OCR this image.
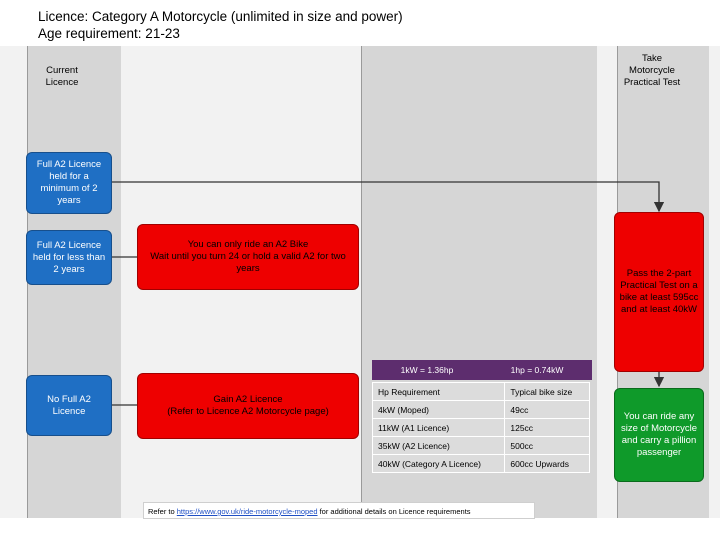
Licence: Category A Motorcycle (unlimited in size and power)
Age requirement: 21-23
Current Licence
Take Motorcycle Practical Test
Full A2 Licence held for a minimum of 2 years
Full A2 Licence held for less than 2 years
No Full A2 Licence
You can only ride an A2 Bike
Wait until you turn 24 or hold a valid A2 for two years
Gain A2 Licence
(Refer to Licence A2 Motorcycle page)
Pass the 2-part Practical Test on a bike at least 595cc and at least 40kW
You can ride any size of Motorcycle and carry a pillion passenger
1kW = 1.36hp	1hp = 0.74kW
Hp Requirement	Typical bike size
4kW (Moped)	49cc
11kW (A1 Licence)	125cc
35kW (A2 Licence)	500cc
40kW (Category A Licence)	600cc Upwards
Refer to https://www.gov.uk/ride-motorcycle-moped for additional details on Licence requirements
